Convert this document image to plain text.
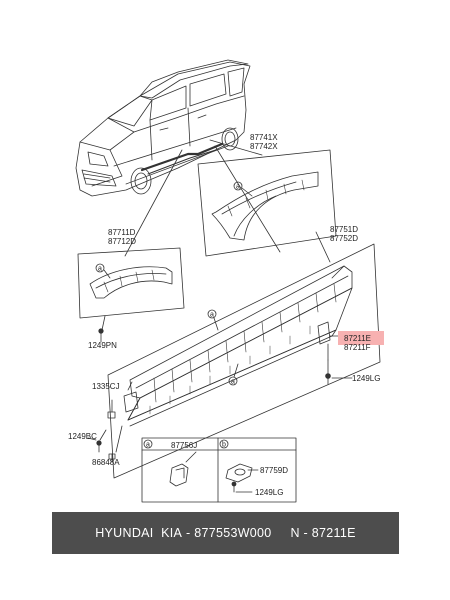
87741X
87742X
87711D
87712D
87751D
87752D
87211E
87211F
1249PN
1335CJ
1249LG
1249BC
86848A
87756J
87759D
1249LG
a
a
a
a
a	b
HYUNDAI  KIA - 877553W000
N - 87211E
